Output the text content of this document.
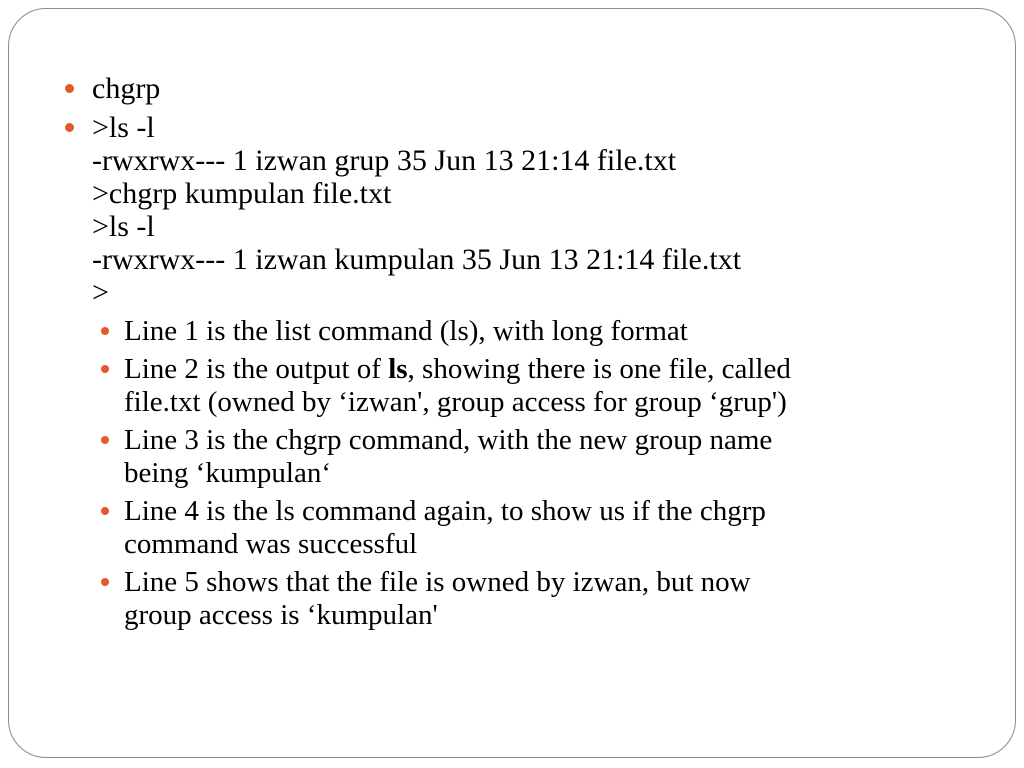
chgrp
>ls -l
-rwxrwx--- 1 izwan grup 35 Jun 13 21:14 file.txt
>chgrp kumpulan file.txt
>ls -l
-rwxrwx--- 1 izwan kumpulan 35 Jun 13 21:14 file.txt
>
Line 1 is the list command (ls), with long format
Line 2 is the output of ls, showing there is one file, called
file.txt (owned by ‘izwan', group access for group ‘grup')
Line 3 is the chgrp command, with the new group name
being ‘kumpulan‘
Line 4 is the ls command again, to show us if the chgrp
command was successful
Line 5 shows that the file is owned by izwan, but now
group access is ‘kumpulan'
